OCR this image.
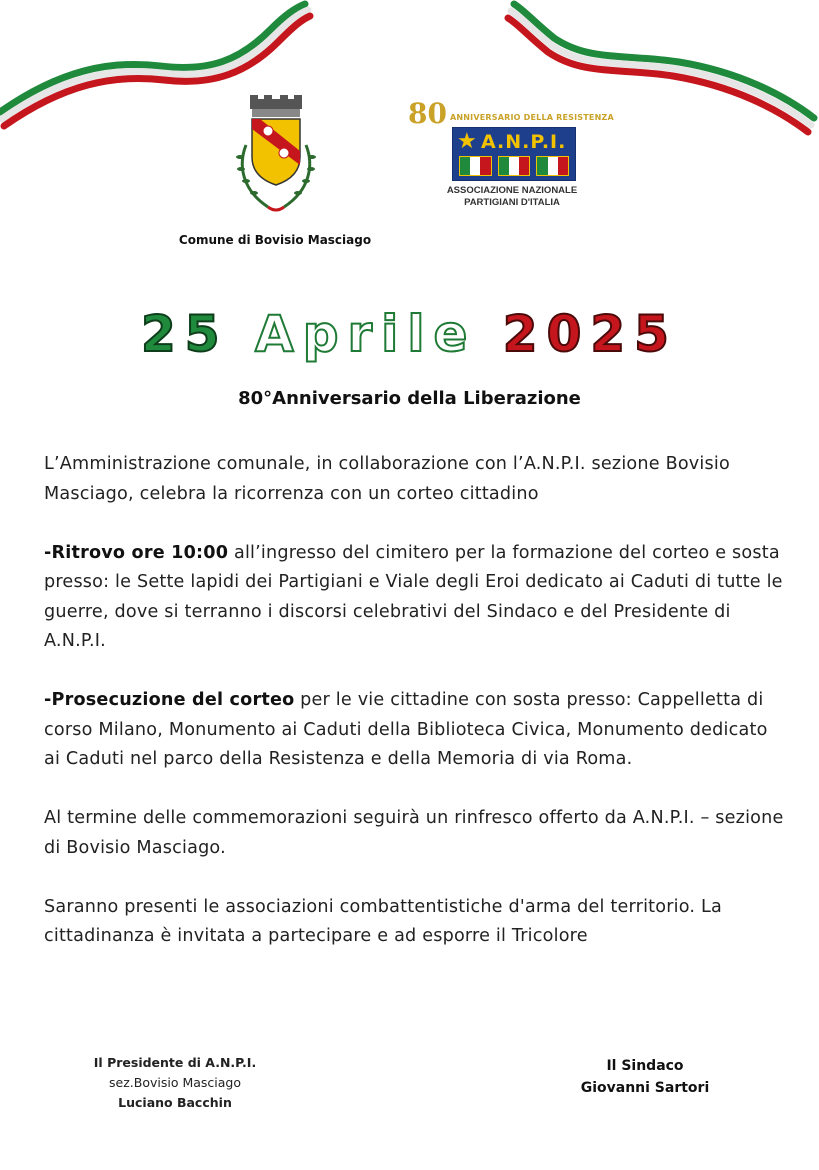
Comune di Bovisio Masciago
80 ANNIVERSARIO DELLA RESISTENZA
★ A.N.P.I.
ASSOCIAZIONE NAZIONALE
PARTIGIANI D'ITALIA
25 Aprile 2025
80°Anniversario della Liberazione

L’Amministrazione comunale, in collaborazione con l’A.N.P.I. sezione Bovisio Masciago, celebra la ricorrenza con un corteo cittadino

-Ritrovo ore 10:00 all’ingresso del cimitero per la formazione del corteo e sosta presso: le Sette lapidi dei Partigiani e Viale degli Eroi dedicato ai Caduti di tutte le guerre, dove si terranno i discorsi celebrativi del Sindaco e del Presidente di A.N.P.I.

-Prosecuzione del corteo per le vie cittadine con sosta presso: Cappelletta di corso Milano, Monumento ai Caduti della Biblioteca Civica, Monumento dedicato ai Caduti nel parco della Resistenza e della Memoria di via Roma.

Al termine delle commemorazioni seguirà un rinfresco offerto da A.N.P.I. – sezione di Bovisio Masciago.

Saranno presenti le associazioni combattentistiche d'arma del territorio. La cittadinanza è invitata a partecipare e ad esporre il Tricolore

Il Presidente di A.N.P.I.
sez.Bovisio Masciago
Luciano Bacchin
Il Sindaco
Giovanni Sartori
